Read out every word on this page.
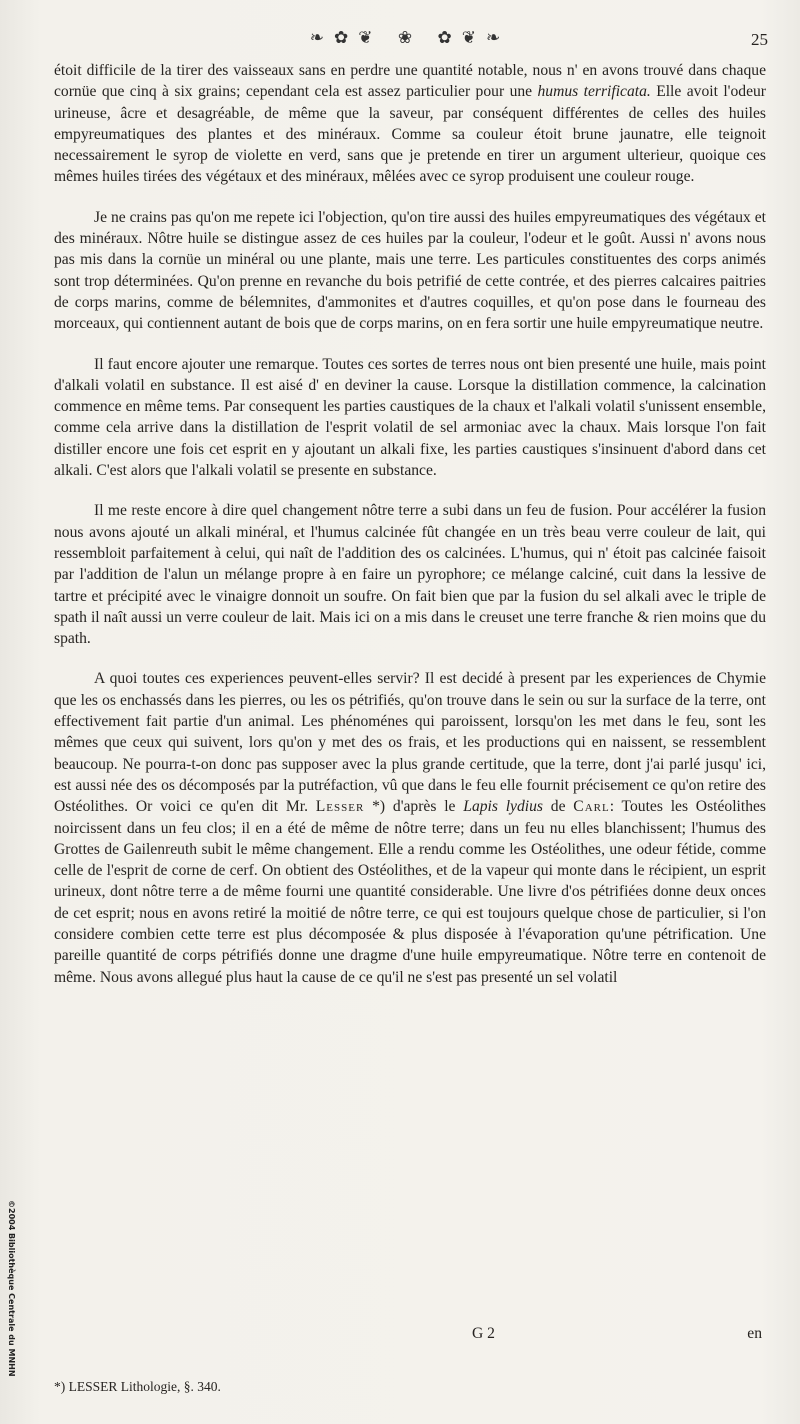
❧✿❦ ❀ ✿❦❧	25

étoit difficile de la tirer des vaisseaux sans en perdre une quantité notable, nous n' en avons trouvé dans chaque cornüe que cinq à six grains; cependant cela est assez particulier pour une humus terrificata. Elle avoit l'odeur urineuse, âcre et desagréable, de même que la saveur, par conséquent différentes de celles des huiles empyreumatiques des plantes et des minéraux. Comme sa couleur étoit brune jaunatre, elle teignoit necessairement le syrop de violette en verd, sans que je pretende en tirer un argument ulterieur, quoique ces mêmes huiles tirées des végétaux et des minéraux, mêlées avec ce syrop produisent une couleur rouge.

Je ne crains pas qu'on me repete ici l'objection, qu'on tire aussi des huiles empyreumatiques des végétaux et des minéraux. Nôtre huile se distingue assez de ces huiles par la couleur, l'odeur et le goût. Aussi n' avons nous pas mis dans la cornüe un minéral ou une plante, mais une terre. Les particules constituentes des corps animés sont trop déterminées. Qu'on prenne en revanche du bois petrifié de cette contrée, et des pierres calcaires paitries de corps marins, comme de bélemnites, d'ammonites et d'autres coquilles, et qu'on pose dans le fourneau des morceaux, qui contiennent autant de bois que de corps marins, on en fera sortir une huile empyreumatique neutre.

Il faut encore ajouter une remarque. Toutes ces sortes de terres nous ont bien presenté une huile, mais point d'alkali volatil en substance. Il est aisé d' en deviner la cause. Lorsque la distillation commence, la calcination commence en même tems. Par consequent les parties caustiques de la chaux et l'alkali volatil s'unissent ensemble, comme cela arrive dans la distillation de l'esprit volatil de sel armoniac avec la chaux. Mais lorsque l'on fait distiller encore une fois cet esprit en y ajoutant un alkali fixe, les parties caustiques s'insinuent d'abord dans cet alkali. C'est alors que l'alkali volatil se presente en substance.

Il me reste encore à dire quel changement nôtre terre a subi dans un feu de fusion. Pour accélérer la fusion nous avons ajouté un alkali minéral, et l'humus calcinée fût changée en un très beau verre couleur de lait, qui ressembloit parfaitement à celui, qui naît de l'addition des os calcinées. L'humus, qui n' étoit pas calcinée faisoit par l'addition de l'alun un mélange propre à en faire un pyrophore; ce mélange calciné, cuit dans la lessive de tartre et précipité avec le vinaigre donnoit un soufre. On fait bien que par la fusion du sel alkali avec le triple de spath il naît aussi un verre couleur de lait. Mais ici on a mis dans le creuset une terre franche & rien moins que du spath.

A quoi toutes ces experiences peuvent-elles servir? Il est decidé à present par les experiences de Chymie que les os enchassés dans les pierres, ou les os pétrifiés, qu'on trouve dans le sein ou sur la surface de la terre, ont effectivement fait partie d'un animal. Les phénoménes qui paroissent, lorsqu'on les met dans le feu, sont les mêmes que ceux qui suivent, lors qu'on y met des os frais, et les productions qui en naissent, se ressemblent beaucoup. Ne pourra-t-on donc pas supposer avec la plus grande certitude, que la terre, dont j'ai parlé jusqu' ici, est aussi née des os décomposés par la putréfaction, vû que dans le feu elle fournit précisement ce qu'on retire des Ostéolithes. Or voici ce qu'en dit Mr. Lesser *) d'après le Lapis lydius de Carl: Toutes les Ostéolithes noircissent dans un feu clos; il en a été de même de nôtre terre; dans un feu nu elles blanchissent; l'humus des Grottes de Gailenreuth subit le même changement. Elle a rendu comme les Ostéolithes, une odeur fétide, comme celle de l'esprit de corne de cerf. On obtient des Ostéolithes, et de la vapeur qui monte dans le récipient, un esprit urineux, dont nôtre terre a de même fourni une quantité considerable. Une livre d'os pétrifiées donne deux onces de cet esprit; nous en avons retiré la moitié de nôtre terre, ce qui est toujours quelque chose de particulier, si l'on considere combien cette terre est plus décomposée & plus disposée à l'évaporation qu'une pétrification. Une pareille quantité de corps pétrifiés donne une dragme d'une huile empyreumatique. Nôtre terre en contenoit de même. Nous avons allegué plus haut la cause de ce qu'il ne s'est pas presenté un sel volatil

G 2	en
*) LESSER Lithologie, §. 340.
©2004 Bibliothèque Centrale du MNHN
